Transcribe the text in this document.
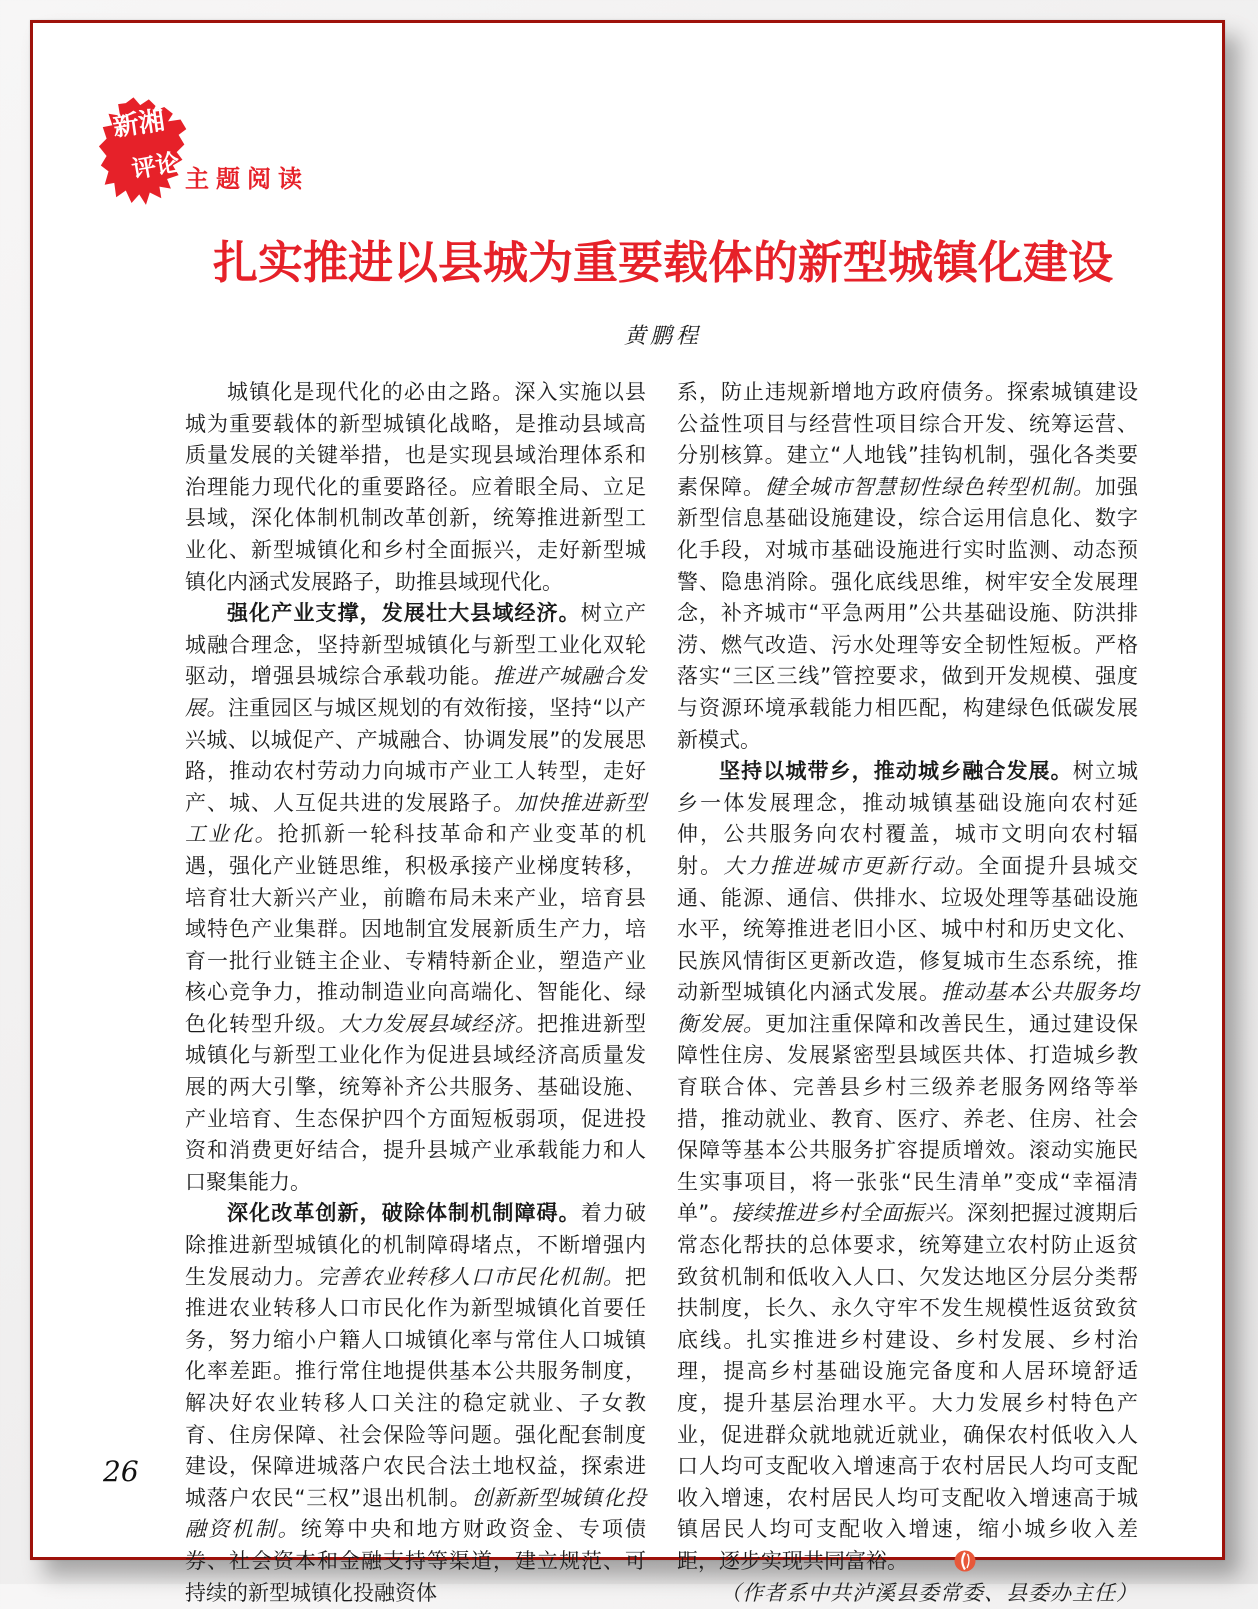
新湘
评论 主题阅读
扎实推进以县城为重要载体的新型城镇化建设
黄鹏程

城镇化是现代化的必由之路。深入实施以县城为重要载体的新型城镇化战略，是推动县域高质量发展的关键举措，也是实现县域治理体系和治理能力现代化的重要路径。应着眼全局、立足县域，深化体制机制改革创新，统筹推进新型工业化、新型城镇化和乡村全面振兴，走好新型城镇化内涵式发展路子，助推县域现代化。

强化产业支撑，发展壮大县域经济。树立产城融合理念，坚持新型城镇化与新型工业化双轮驱动，增强县城综合承载功能。推进产城融合发展。注重园区与城区规划的有效衔接，坚持“以产兴城、以城促产、产城融合、协调发展”的发展思路，推动农村劳动力向城市产业工人转型，走好产、城、人互促共进的发展路子。加快推进新型工业化。抢抓新一轮科技革命和产业变革的机遇，强化产业链思维，积极承接产业梯度转移，培育壮大新兴产业，前瞻布局未来产业，培育县域特色产业集群。因地制宜发展新质生产力，培育一批行业链主企业、专精特新企业，塑造产业核心竞争力，推动制造业向高端化、智能化、绿色化转型升级。大力发展县域经济。把推进新型城镇化与新型工业化作为促进县域经济高质量发展的两大引擎，统筹补齐公共服务、基础设施、产业培育、生态保护四个方面短板弱项，促进投资和消费更好结合，提升县城产业承载能力和人口聚集能力。

深化改革创新，破除体制机制障碍。着力破除推进新型城镇化的机制障碍堵点，不断增强内生发展动力。完善农业转移人口市民化机制。把推进农业转移人口市民化作为新型城镇化首要任务，努力缩小户籍人口城镇化率与常住人口城镇化率差距。推行常住地提供基本公共服务制度，解决好农业转移人口关注的稳定就业、子女教育、住房保障、社会保险等问题。强化配套制度建设，保障进城落户农民合法土地权益，探索进城落户农民“三权”退出机制。创新新型城镇化投融资机制。统筹中央和地方财政资金、专项债券、社会资本和金融支持等渠道，建立规范、可持续的新型城镇化投融资体

系，防止违规新增地方政府债务。探索城镇建设公益性项目与经营性项目综合开发、统筹运营、分别核算。建立“人地钱”挂钩机制，强化各类要素保障。健全城市智慧韧性绿色转型机制。加强新型信息基础设施建设，综合运用信息化、数字化手段，对城市基础设施进行实时监测、动态预警、隐患消除。强化底线思维，树牢安全发展理念，补齐城市“平急两用”公共基础设施、防洪排涝、燃气改造、污水处理等安全韧性短板。严格落实“三区三线”管控要求，做到开发规模、强度与资源环境承载能力相匹配，构建绿色低碳发展新模式。

坚持以城带乡，推动城乡融合发展。树立城乡一体发展理念，推动城镇基础设施向农村延伸，公共服务向农村覆盖，城市文明向农村辐射。大力推进城市更新行动。全面提升县城交通、能源、通信、供排水、垃圾处理等基础设施水平，统筹推进老旧小区、城中村和历史文化、民族风情街区更新改造，修复城市生态系统，推动新型城镇化内涵式发展。推动基本公共服务均衡发展。更加注重保障和改善民生，通过建设保障性住房、发展紧密型县域医共体、打造城乡教育联合体、完善县乡村三级养老服务网络等举措，推动就业、教育、医疗、养老、住房、社会保障等基本公共服务扩容提质增效。滚动实施民生实事项目，将一张张“民生清单”变成“幸福清单”。接续推进乡村全面振兴。深刻把握过渡期后常态化帮扶的总体要求，统筹建立农村防止返贫致贫机制和低收入人口、欠发达地区分层分类帮扶制度，长久、永久守牢不发生规模性返贫致贫底线。扎实推进乡村建设、乡村发展、乡村治理，提高乡村基础设施完备度和人居环境舒适度，提升基层治理水平。大力发展乡村特色产业，促进群众就地就近就业，确保农村低收入人口人均可支配收入增速高于农村居民人均可支配收入增速，农村居民人均可支配收入增速高于城镇居民人均可支配收入增速，缩小城乡收入差距，逐步实现共同富裕。

（作者系中共泸溪县委常委、县委办主任）

26
